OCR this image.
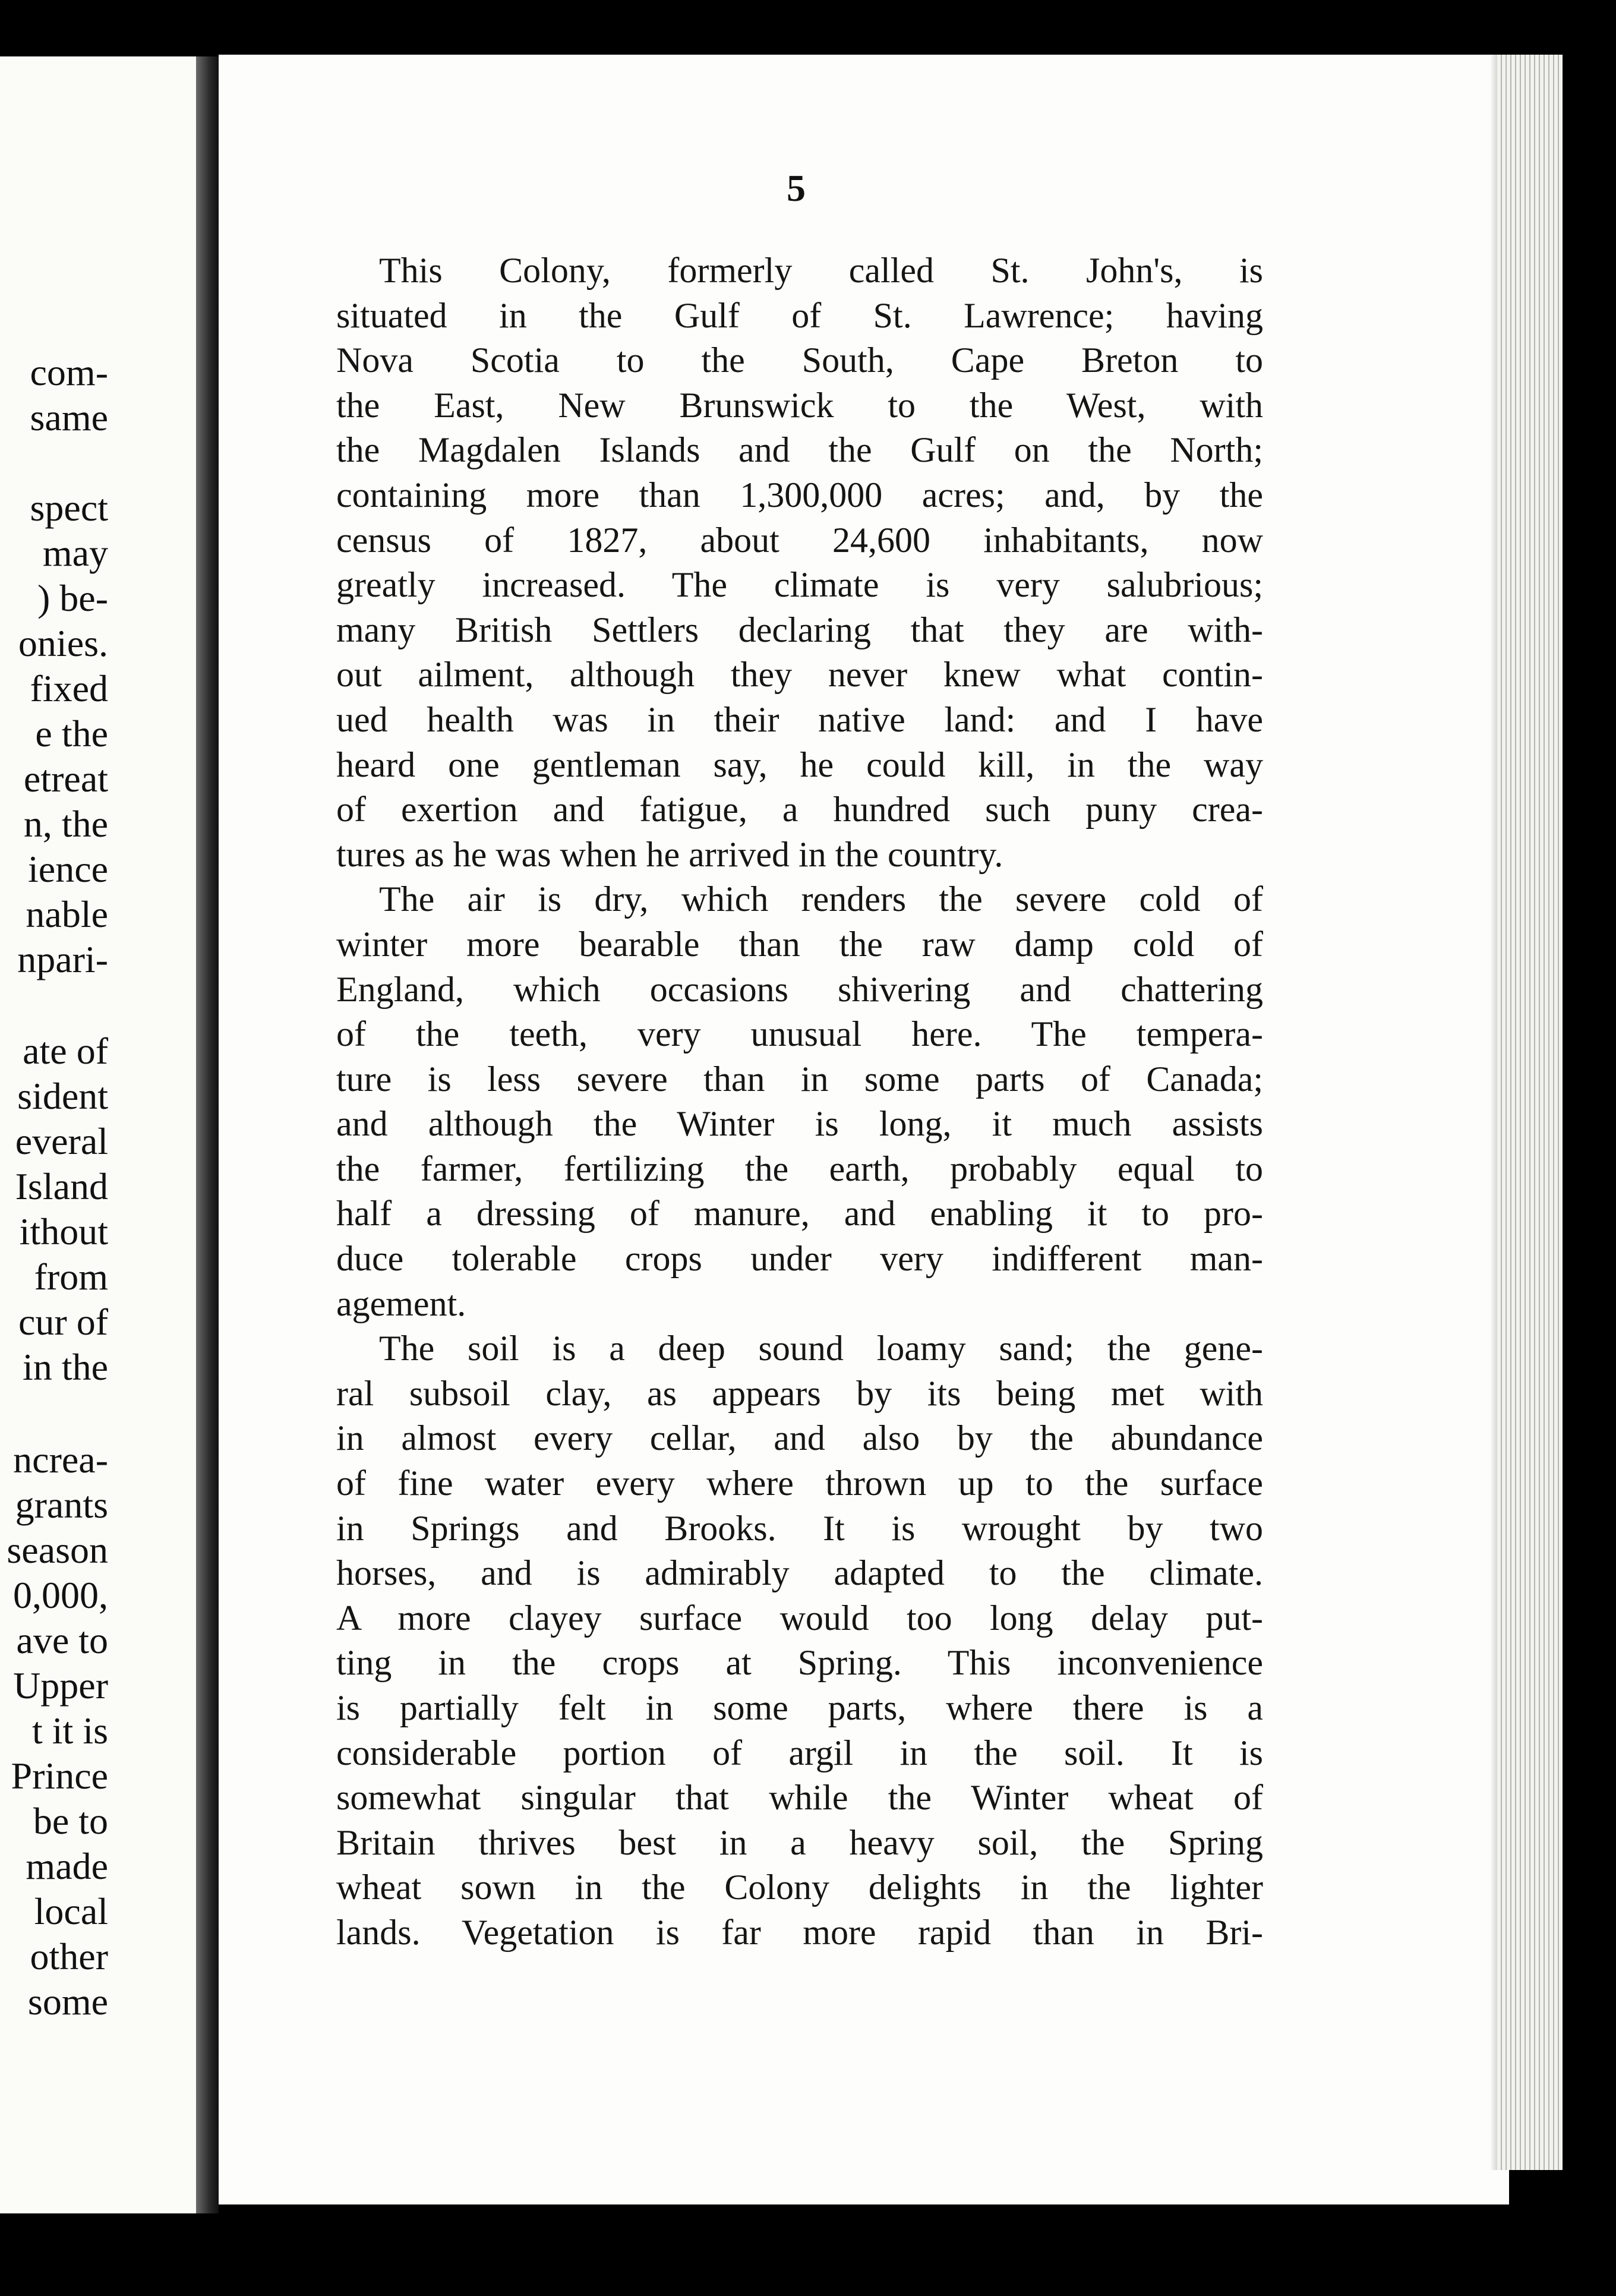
com-
same
spect
may
) be-
onies.
fixed
e the
etreat
n, the
ience
nable
npari-
ate of
sident
everal
Island
ithout
from
cur of
in the
ncrea-
grants
season
0,000,
ave to
Upper
t it is
Prince
be to
made
local
other
some
5
This Colony, formerly called St. John's, is
situated in the Gulf of St. Lawrence; having
Nova Scotia to the South, Cape Breton to
the East, New Brunswick to the West, with
the Magdalen Islands and the Gulf on the North;
containing more than 1,300,000 acres; and, by the
census of 1827, about 24,600 inhabitants, now
greatly increased. The climate is very salubrious;
many British Settlers declaring that they are with-
out ailment, although they never knew what contin-
ued health was in their native land: and I have
heard one gentleman say, he could kill, in the way
of exertion and fatigue, a hundred such puny crea-
tures as he was when he arrived in the country.
The air is dry, which renders the severe cold of
winter more bearable than the raw damp cold of
England, which occasions shivering and chattering
of the teeth, very unusual here. The tempera-
ture is less severe than in some parts of Canada;
and although the Winter is long, it much assists
the farmer, fertilizing the earth, probably equal to
half a dressing of manure, and enabling it to pro-
duce tolerable crops under very indifferent man-
agement.
The soil is a deep sound loamy sand; the gene-
ral subsoil clay, as appears by its being met with
in almost every cellar, and also by the abundance
of fine water every where thrown up to the surface
in Springs and Brooks. It is wrought by two
horses, and is admirably adapted to the climate.
A more clayey surface would too long delay put-
ting in the crops at Spring. This inconvenience
is partially felt in some parts, where there is a
considerable portion of argil in the soil. It is
somewhat singular that while the Winter wheat of
Britain thrives best in a heavy soil, the Spring
wheat sown in the Colony delights in the lighter
lands. Vegetation is far more rapid than in Bri-
